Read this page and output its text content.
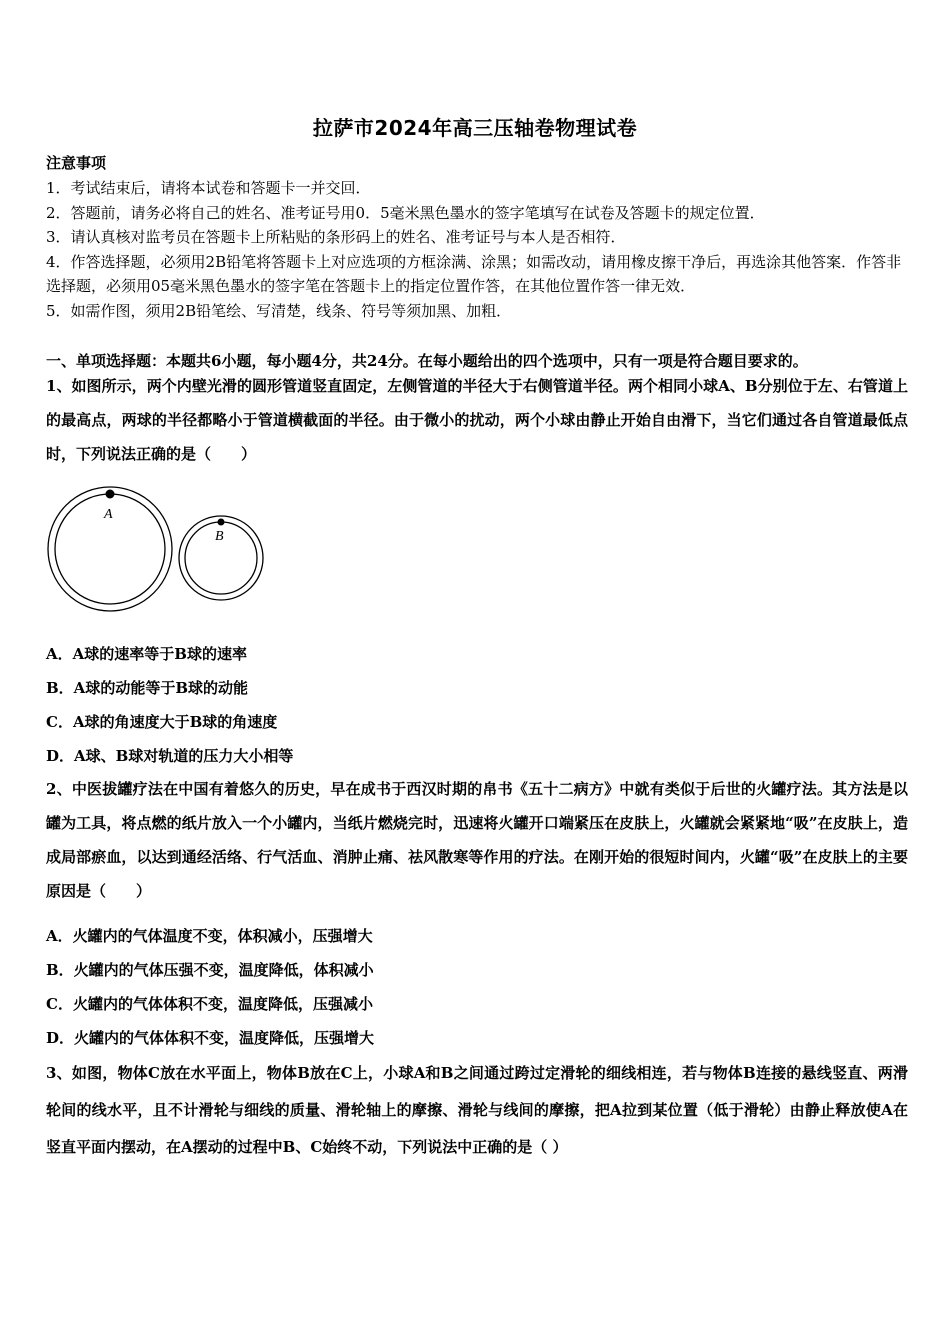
拉萨市2024年高三压轴卷物理试卷
注意事项

1．考试结束后，请将本试卷和答题卡一并交回．

2．答题前，请务必将自己的姓名、准考证号用0．5毫米黑色墨水的签字笔填写在试卷及答题卡的规定位置．

3．请认真核对监考员在答题卡上所粘贴的条形码上的姓名、准考证号与本人是否相符．

4．作答选择题，必须用2B铅笔将答题卡上对应选项的方框涂满、涂黑；如需改动，请用橡皮擦干净后，再选涂其他答案．作答非选择题，必须用05毫米黑色墨水的签字笔在答题卡上的指定位置作答，在其他位置作答一律无效．

5．如需作图，须用2B铅笔绘、写清楚，线条、符号等须加黑、加粗．

一、单项选择题：本题共6小题，每小题4分，共24分。在每小题给出的四个选项中，只有一项是符合题目要求的。
1、如图所示，两个内壁光滑的圆形管道竖直固定，左侧管道的半径大于右侧管道半径。两个相同小球A、B分别位于左、右管道上的最高点，两球的半径都略小于管道横截面的半径。由于微小的扰动，两个小球由静止开始自由滑下，当它们通过各自管道最低点时，下列说法正确的是（　　）
A
B
A．A球的速率等于B球的速率
B．A球的动能等于B球的动能
C．A球的角速度大于B球的角速度
D．A球、B球对轨道的压力大小相等
2、中医拔罐疗法在中国有着悠久的历史，早在成书于西汉时期的帛书《五十二病方》中就有类似于后世的火罐疗法。其方法是以罐为工具，将点燃的纸片放入一个小罐内，当纸片燃烧完时，迅速将火罐开口端紧压在皮肤上，火罐就会紧紧地“吸”在皮肤上，造成局部瘀血，以达到通经活络、行气活血、消肿止痛、祛风散寒等作用的疗法。在刚开始的很短时间内，火罐“吸”在皮肤上的主要原因是（　　）
A．火罐内的气体温度不变，体积减小，压强增大
B．火罐内的气体压强不变，温度降低，体积减小
C．火罐内的气体体积不变，温度降低，压强减小
D．火罐内的气体体积不变，温度降低，压强增大
3、如图，物体C放在水平面上，物体B放在C上，小球A和B之间通过跨过定滑轮的细线相连，若与物体B连接的悬线竖直、两滑轮间的线水平，且不计滑轮与细线的质量、滑轮轴上的摩擦、滑轮与线间的摩擦，把A拉到某位置（低于滑轮）由静止释放使A在竖直平面内摆动，在A摆动的过程中B、C始终不动，下列说法中正确的是（ ）
